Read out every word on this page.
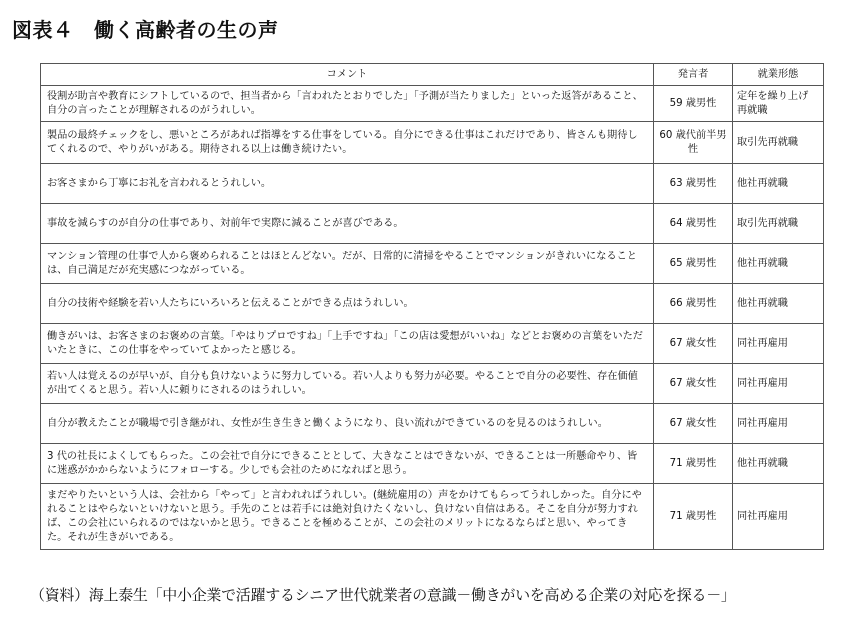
図表４　働く高齢者の生の声
コメント	発言者	就業形態
役割が助言や教育にシフトしているので、担当者から「言われたとおりでした」「予測が当たりました」といった返答があること、自分の言ったことが理解されるのがうれしい。	59 歳男性	定年を繰り上げ再就職
製品の最終チェックをし、悪いところがあれば指導をする仕事をしている。自分にできる仕事はこれだけであり、皆さんも期待してくれるので、やりがいがある。期待される以上は働き続けたい。	60 歳代前半男性	取引先再就職
お客さまから丁寧にお礼を言われるとうれしい。	63 歳男性	他社再就職
事故を減らすのが自分の仕事であり、対前年で実際に減ることが喜びである。	64 歳男性	取引先再就職
マンション管理の仕事で人から褒められることはほとんどない。だが、日常的に清掃をやることでマンションがきれいになることは、自己満足だが充実感につながっている。	65 歳男性	他社再就職
自分の技術や経験を若い人たちにいろいろと伝えることができる点はうれしい。	66 歳男性	他社再就職
働きがいは、お客さまのお褒めの言葉。「やはりプロですね」「上手ですね」「この店は愛想がいいね」などとお褒めの言葉をいただいたときに、この仕事をやっていてよかったと感じる。	67 歳女性	同社再雇用
若い人は覚えるのが早いが、自分も負けないように努力している。若い人よりも努力が必要。やることで自分の必要性、存在価値が出てくると思う。若い人に頼りにされるのはうれしい。	67 歳女性	同社再雇用
自分が教えたことが職場で引き継がれ、女性が生き生きと働くようになり、良い流れができているのを見るのはうれしい。	67 歳女性	同社再雇用
3 代の社長によくしてもらった。この会社で自分にできることとして、大きなことはできないが、できることは一所懸命やり、皆に迷惑がかからないようにフォローする。少しでも会社のためになればと思う。	71 歳男性	他社再就職
まだやりたいという人は、会社から「やって」と言われればうれしい。(継続雇用の）声をかけてもらってうれしかった。自分にやれることはやらないといけないと思う。手先のことは若手には絶対負けたくないし、負けない自信はある。そこを自分が努力すれば、この会社にいられるのではないかと思う。できることを極めることが、この会社のメリットになるならばと思い、やってきた。それが生きがいである。	71 歳男性	同社再雇用
（資料）海上泰生「中小企業で活躍するシニア世代就業者の意識－働きがいを高める企業の対応を探る－」
